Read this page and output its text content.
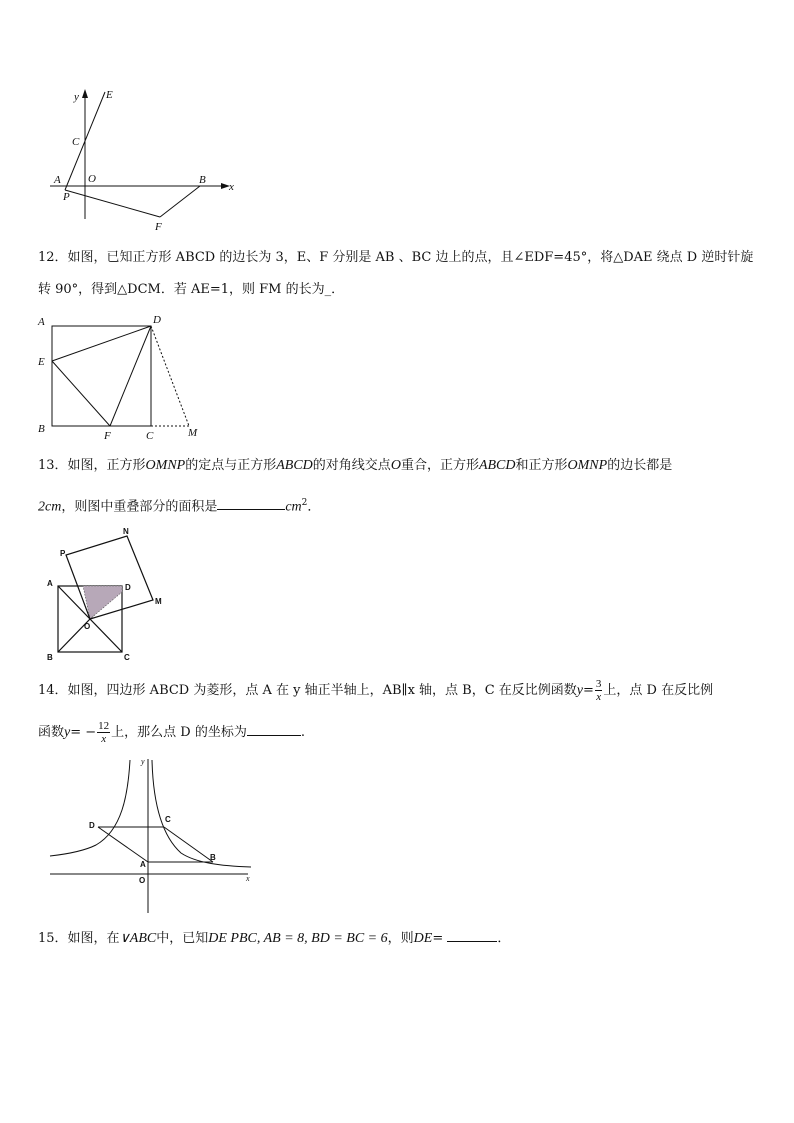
y E
C
A O	B
x
P
F
12．如图，已知正方形 ABCD 的边长为 3，E、F 分别是 AB 、BC 边上的点，且∠EDF=45°，将△DAE 绕点 D 逆时针旋
转 90°，得到△DCM．若 AE=1，则 FM 的长为_．
A	D
E
B
F	C	M
13．如图，正方形OMNP的定点与正方形ABCD的对角线交点O重合，正方形ABCD和正方形OMNP的边长都是
2cm，则图中重叠部分的面积是	$cm^2$．
N
P
A	D
M
O
B	C
14．如图，四边形 ABCD 为菱形，点 A 在 y 轴正半轴上，AB∥x 轴，点 B，C 在反比例函数$y= \frac{3}{x}$ 上，点 D 在反比例
函数$y= - \frac{12}{x}$ 上，那么点 D 的坐标为	.
y
D
C
A
B
O	x
15．如图，在∨ABC中，已知DE PBC, AB = 8, BD = BC = 6，则DE=	．
